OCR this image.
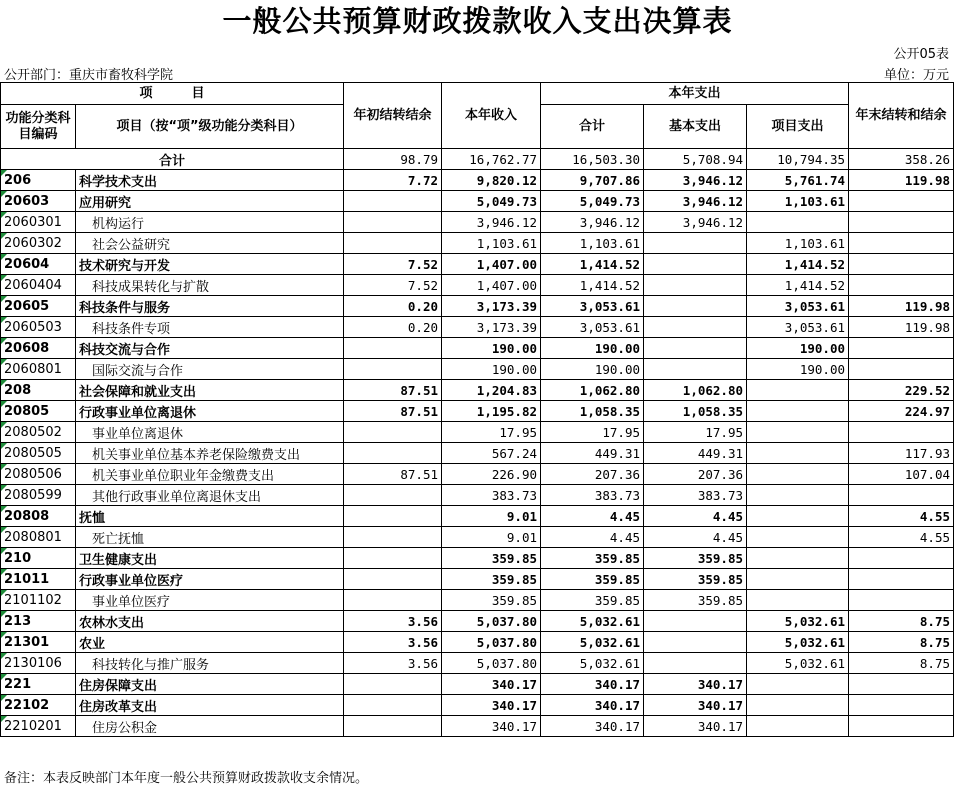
一般公共预算财政拨款收入支出决算表
公开05表
公开部门：重庆市畜牧科学院	单位：万元
项　　　目		年初结转结余	本年收入	本年支出			年末结转和结余
功能分类科目编码	项目（按“项”级功能分类科目）			合计	基本支出	项目支出	
合计		98.79	16,762.77	16,503.30	5,708.94	10,794.35	358.26

206	科学技术支出	7.72	9,820.12	9,707.86	3,946.12	5,761.74	119.98

20603	应用研究		5,049.73	5,049.73	3,946.12	1,103.61	

2060301	机构运行		3,946.12	3,946.12	3,946.12		

2060302	社会公益研究		1,103.61	1,103.61		1,103.61	

20604	技术研究与开发	7.52	1,407.00	1,414.52		1,414.52	

2060404	科技成果转化与扩散	7.52	1,407.00	1,414.52		1,414.52	

20605	科技条件与服务	0.20	3,173.39	3,053.61		3,053.61	119.98

2060503	科技条件专项	0.20	3,173.39	3,053.61		3,053.61	119.98

20608	科技交流与合作		190.00	190.00		190.00	

2060801	国际交流与合作		190.00	190.00		190.00	

208	社会保障和就业支出	87.51	1,204.83	1,062.80	1,062.80		229.52

20805	行政事业单位离退休	87.51	1,195.82	1,058.35	1,058.35		224.97

2080502	事业单位离退休		17.95	17.95	17.95		

2080505	机关事业单位基本养老保险缴费支出		567.24	449.31	449.31		117.93

2080506	机关事业单位职业年金缴费支出	87.51	226.90	207.36	207.36		107.04

2080599	其他行政事业单位离退休支出		383.73	383.73	383.73		

20808	抚恤		9.01	4.45	4.45		4.55

2080801	死亡抚恤		9.01	4.45	4.45		4.55

210	卫生健康支出		359.85	359.85	359.85		

21011	行政事业单位医疗		359.85	359.85	359.85		

2101102	事业单位医疗		359.85	359.85	359.85		

213	农林水支出	3.56	5,037.80	5,032.61		5,032.61	8.75

21301	农业	3.56	5,037.80	5,032.61		5,032.61	8.75

2130106	科技转化与推广服务	3.56	5,037.80	5,032.61		5,032.61	8.75

221	住房保障支出		340.17	340.17	340.17		

22102	住房改革支出		340.17	340.17	340.17		

2210201	住房公积金		340.17	340.17	340.17		
备注：本表反映部门本年度一般公共预算财政拨款收支余情况。
